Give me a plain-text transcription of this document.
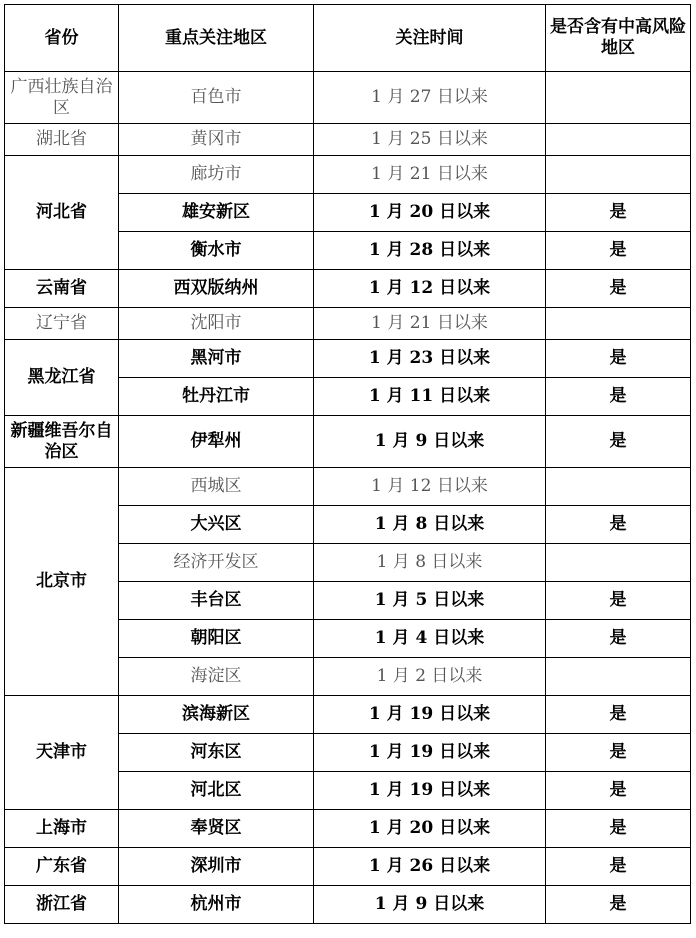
省份	重点关注地区	关注时间	是否含有中高风险地区
广西壮族自治区	百色市	1 月 27 日以来	
湖北省	黄冈市	1 月 25 日以来	
河北省	廊坊市	1 月 21 日以来	
	雄安新区	1 月 20 日以来	是
	衡水市	1 月 28 日以来	是
云南省	西双版纳州	1 月 12 日以来	是
辽宁省	沈阳市	1 月 21 日以来	
黑龙江省	黑河市	1 月 23 日以来	是
	牡丹江市	1 月 11 日以来	是
新疆维吾尔自治区	伊犁州	1 月 9 日以来	是
北京市	西城区	1 月 12 日以来	
	大兴区	1 月 8 日以来	是
	经济开发区	1 月 8 日以来	
	丰台区	1 月 5 日以来	是
	朝阳区	1 月 4 日以来	是
	海淀区	1 月 2 日以来	
天津市	滨海新区	1 月 19 日以来	是
	河东区	1 月 19 日以来	是
	河北区	1 月 19 日以来	是
上海市	奉贤区	1 月 20 日以来	是
广东省	深圳市	1 月 26 日以来	是
浙江省	杭州市	1 月 9 日以来	是
